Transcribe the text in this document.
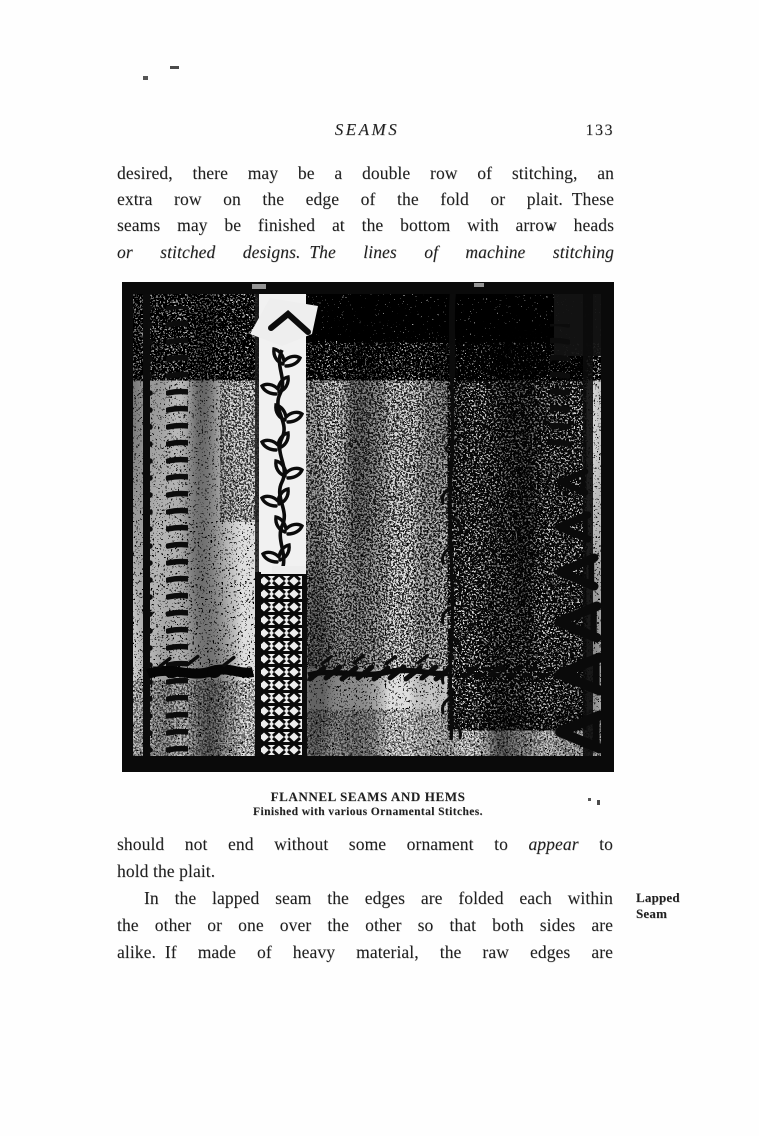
SEAMS	133
desired, there may be a double row of stitching, an
extra row on the edge of the fold or plait. These
seams may be finished at the bottom with arrow heads
or stitched designs. The lines of machine stitching
FLANNEL SEAMS AND HEMS
Finished with various Ornamental Stitches.
should not end without some ornament to appear to
hold the plait.
In the lapped seam the edges are folded each within
the other or one over the other so that both sides are
alike. If made of heavy material, the raw edges are
Lapped
Seam
